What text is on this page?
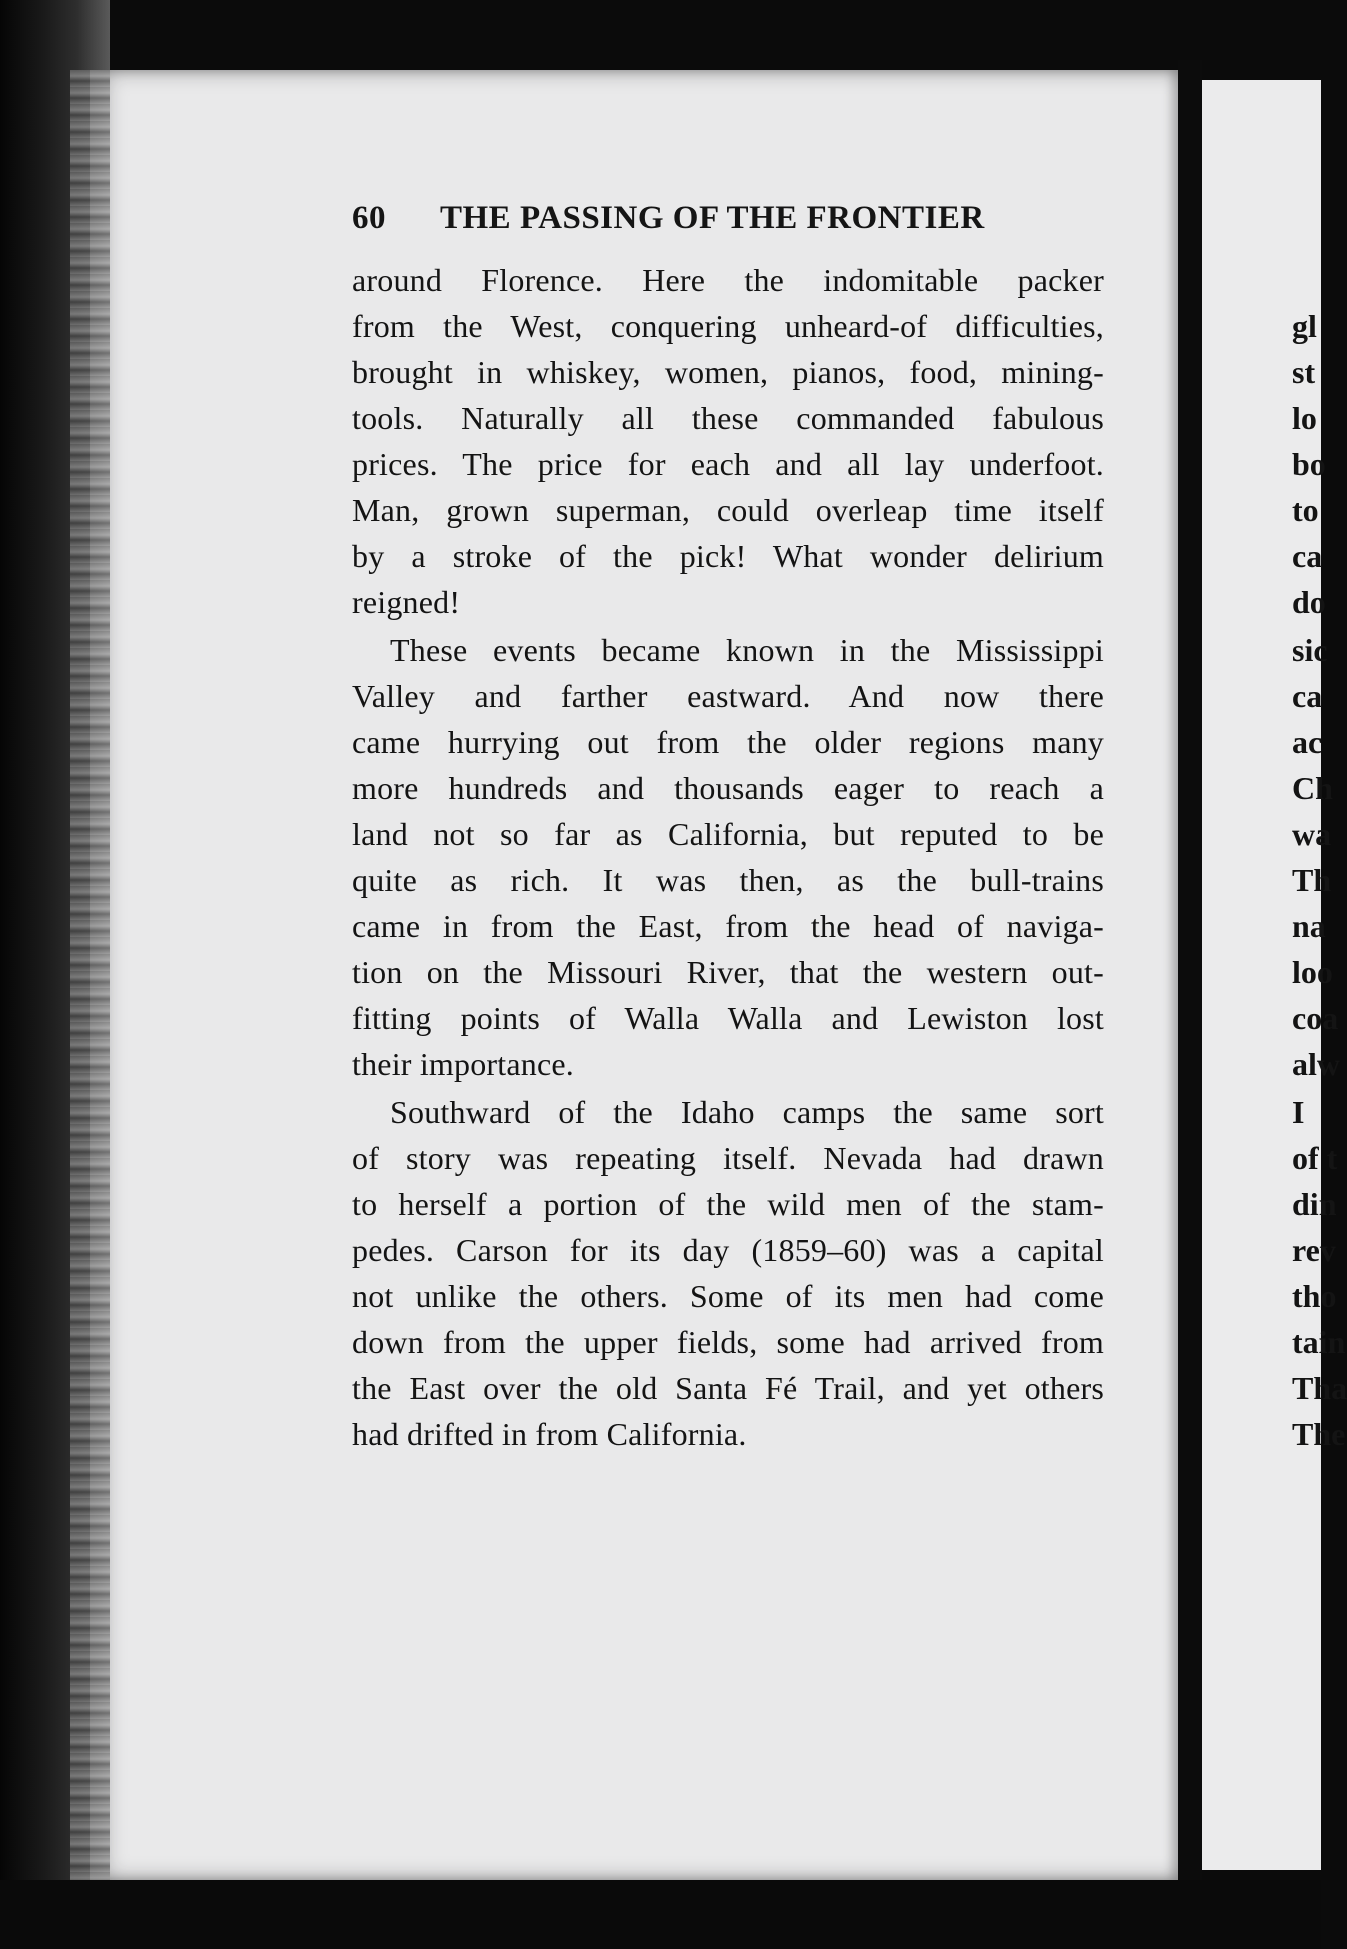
60 THE PASSING OF THE FRONTIER
around Florence. Here the indomitable packer
from the West, conquering unheard-of difficulties,
brought in whiskey, women, pianos, food, mining-
tools. Naturally all these commanded fabulous
prices. The price for each and all lay underfoot.
Man, grown superman, could overleap time itself
by a stroke of the pick! What wonder delirium
reigned!
These events became known in the Mississippi
Valley and farther eastward. And now there
came hurrying out from the older regions many
more hundreds and thousands eager to reach a
land not so far as California, but reputed to be
quite as rich. It was then, as the bull-trains
came in from the East, from the head of naviga-
tion on the Missouri River, that the western out-
fitting points of Walla Walla and Lewiston lost
their importance.
Southward of the Idaho camps the same sort
of story was repeating itself. Nevada had drawn
to herself a portion of the wild men of the stam-
pedes. Carson for its day (1859–60) was a capital
not unlike the others. Some of its men had come
down from the upper fields, some had arrived from
the East over the old Santa Fé Trail, and yet others
had drifted in from California.
gl
st
lo
bo
to
ca
do
sic
ca
ac
Ch
wa
Th
na
loo
coa
alw
I
of t
din
rev
tho
tain
Tha
The
